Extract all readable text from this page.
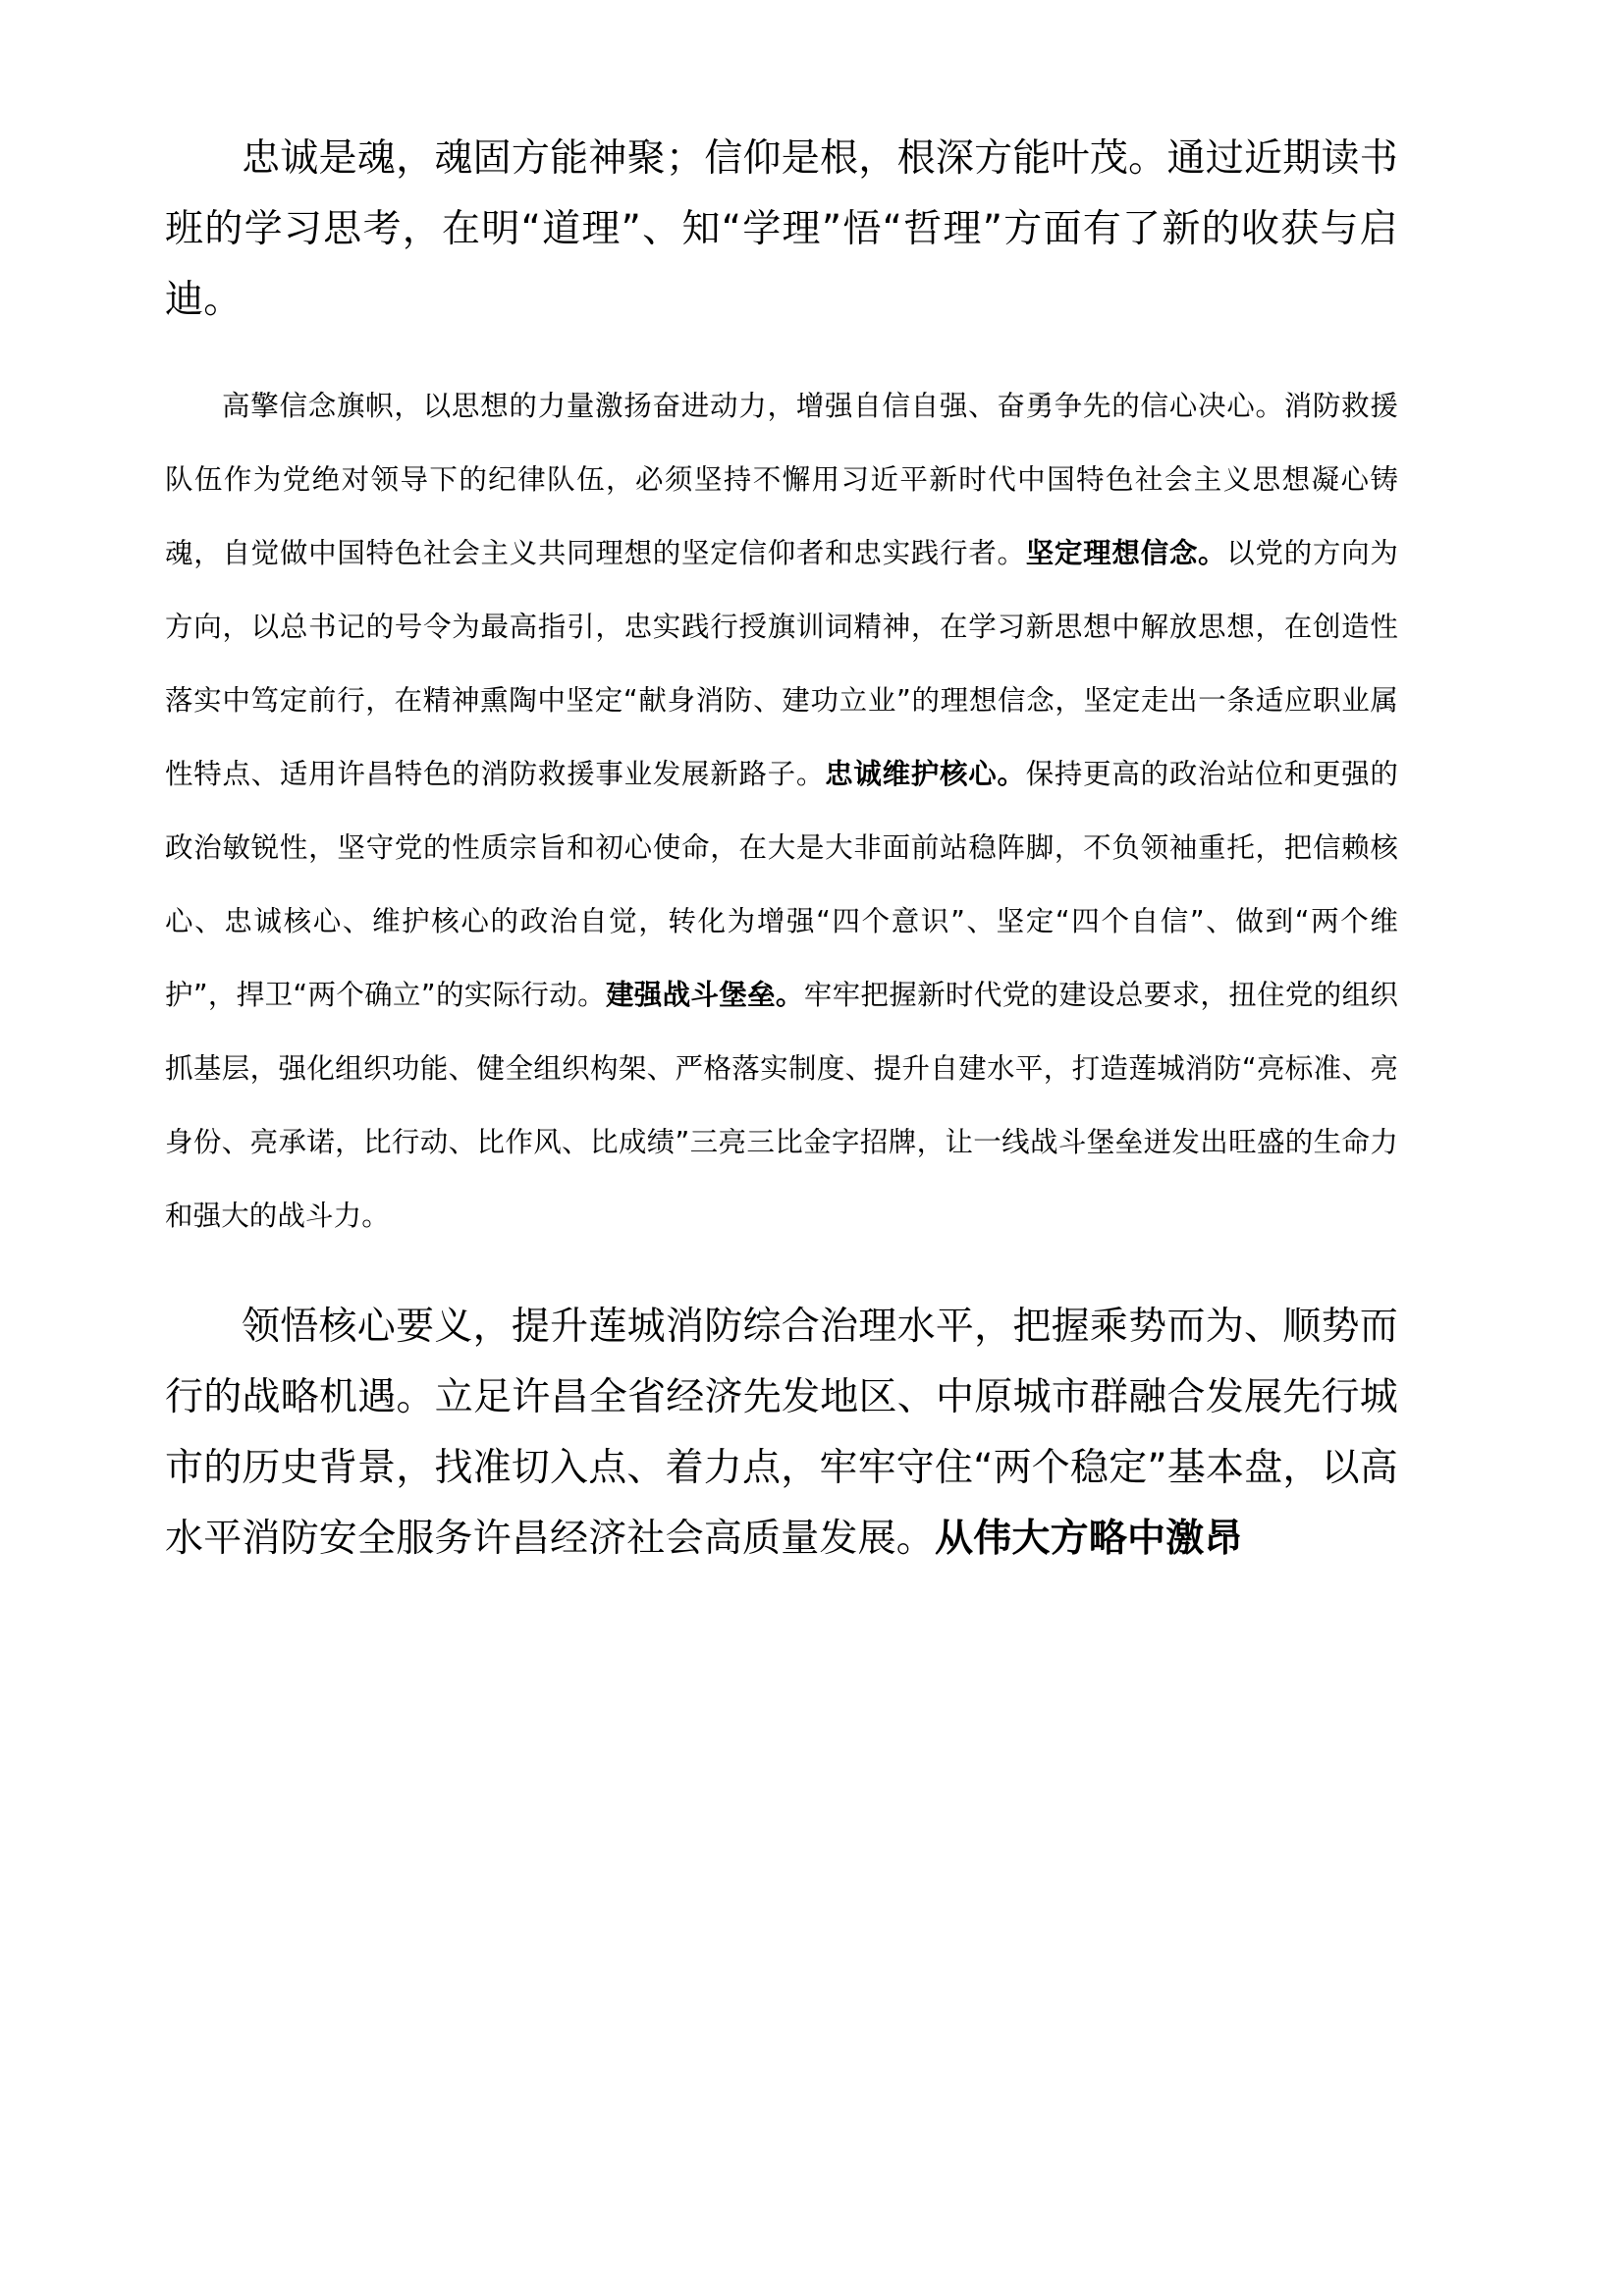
忠诚是魂，魂固方能神聚；信仰是根，根深方能叶茂。通过近期读书班的学习思考，在明“道理”、知“学理”悟“哲理”方面有了新的收获与启迪。

高擎信念旗帜，以思想的力量激扬奋进动力，增强自信自强、奋勇争先的信心决心。消防救援队伍作为党绝对领导下的纪律队伍，必须坚持不懈用习近平新时代中国特色社会主义思想凝心铸魂，自觉做中国特色社会主义共同理想的坚定信仰者和忠实践行者。坚定理想信念。以党的方向为方向，以总书记的号令为最高指引，忠实践行授旗训词精神，在学习新思想中解放思想，在创造性落实中笃定前行，在精神熏陶中坚定“献身消防、建功立业”的理想信念，坚定走出一条适应职业属性特点、适用许昌特色的消防救援事业发展新路子。忠诚维护核心。保持更高的政治站位和更强的政治敏锐性，坚守党的性质宗旨和初心使命，在大是大非面前站稳阵脚，不负领袖重托，把信赖核心、忠诚核心、维护核心的政治自觉，转化为增强“四个意识”、坚定“四个自信”、做到“两个维护”，捍卫“两个确立”的实际行动。建强战斗堡垒。牢牢把握新时代党的建设总要求，扭住党的组织抓基层，强化组织功能、健全组织构架、严格落实制度、提升自建水平，打造莲城消防“亮标准、亮身份、亮承诺，比行动、比作风、比成绩”三亮三比金字招牌，让一线战斗堡垒迸发出旺盛的生命力和强大的战斗力。

领悟核心要义，提升莲城消防综合治理水平，把握乘势而为、顺势而行的战略机遇。立足许昌全省经济先发地区、中原城市群融合发展先行城市的历史背景，找准切入点、着力点，牢牢守住“两个稳定”基本盘，以高水平消防安全服务许昌经济社会高质量发展。从伟大方略中激昂
